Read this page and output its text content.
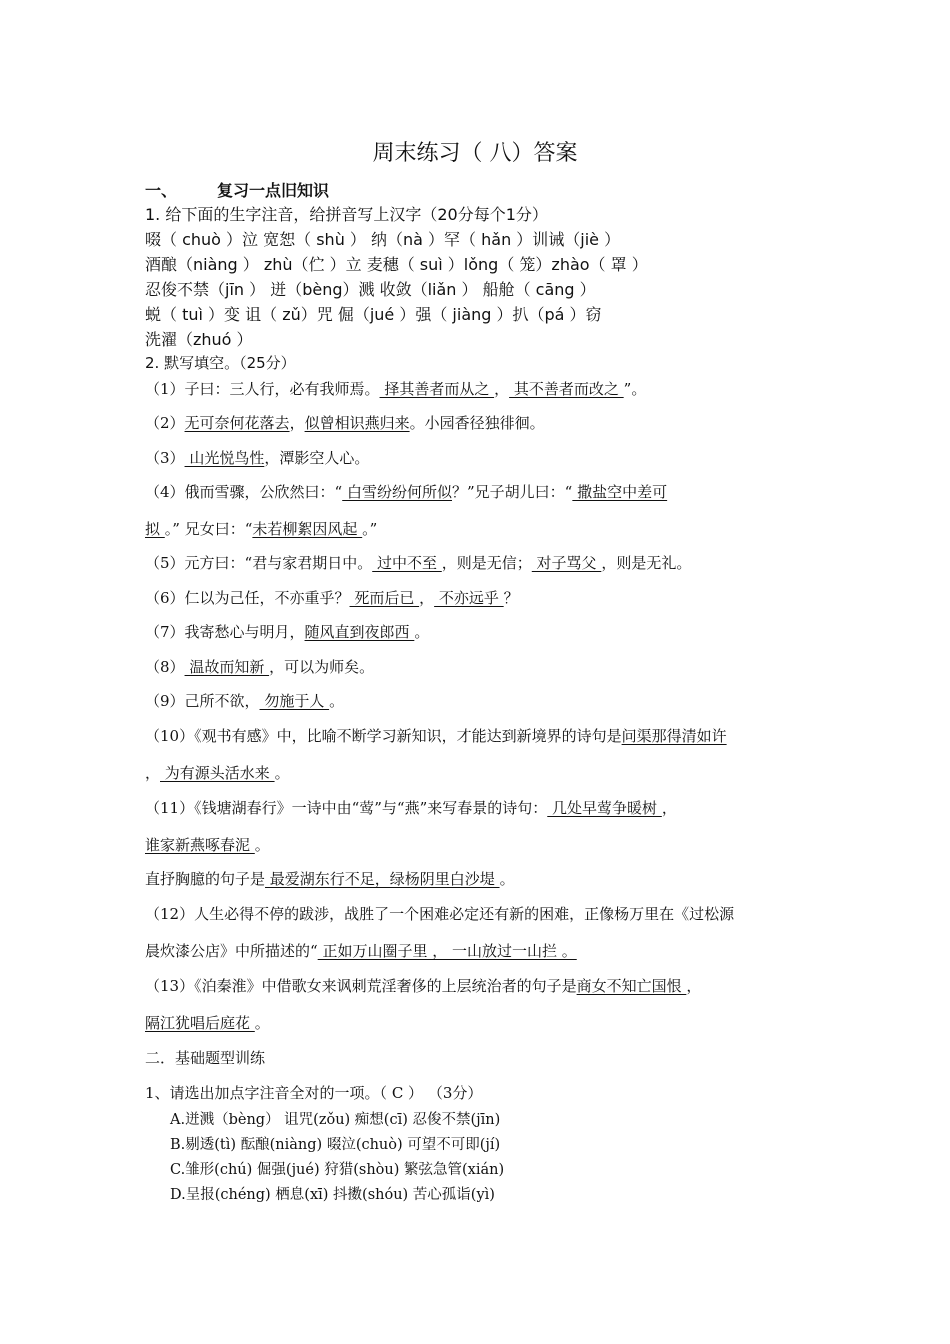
周末练习（ 八）答案
一、	复习一点旧知识
1. 给下面的生字注音，给拼音写上汉字（20分每个1分）
啜（ chuò ）泣 宽恕（ shù ） 纳（nà ）罕（ hǎn ）训诫（jiè ）
酒酿（niàng ） zhù（伫 ）立 麦穗（ suì ）lǒng（ 笼）zhào（ 罩 ）
忍俊不禁（jīn ） 迸（bèng）溅 收敛（liǎn ） 船舱（ cāng ）
蜕（ tuì ）变 诅（ zǔ）咒 倔（jué ）强（ jiàng ）扒（pá ）窃
洗濯（zhuó ）
2. 默写填空。（25分）
（1）子曰：三人行，必有我师焉。 择其善者而从之 ， 其不善者而改之 ”。
（2）无可奈何花落去，似曾相识燕归来。小园香径独徘徊。
（3） 山光悦鸟性，潭影空人心。
（4）俄而雪骤，公欣然曰：“ 白雪纷纷何所似？”兄子胡儿曰：“ 撒盐空中差可
拟 。” 兄女曰：“未若柳絮因风起 。”
（5）元方曰：“君与家君期日中。 过中不至 ，则是无信； 对子骂父 ，则是无礼。
（6）仁以为己任，不亦重乎？ 死而后已 ， 不亦远乎 ？
（7）我寄愁心与明月，随风直到夜郎西 。
（8） 温故而知新 ，可以为师矣。
（9）己所不欲， 勿施于人 。
（10）《观书有感》中，比喻不断学习新知识，才能达到新境界的诗句是问渠那得清如许
， 为有源头活水来 。
（11）《钱塘湖春行》一诗中由“莺”与“燕”来写春景的诗句： 几处早莺争暖树 ，
谁家新燕啄春泥 。
直抒胸臆的句子是 最爱湖东行不足，绿杨阴里白沙堤 。
（12）人生必得不停的跋涉，战胜了一个困难必定还有新的困难，正像杨万里在《过松源
晨炊漆公店》中所描述的“ 正如万山圈子里 ， 一山放过一山拦 。
（13）《泊秦淮》中借歌女来讽刺荒淫奢侈的上层统治者的句子是商女不知亡国恨 ，
隔江犹唱后庭花 。
二．基础题型训练
1、请选出加点字注音全对的一项。（ C ） （3分）
A.迸溅（bèng） 诅咒(zǒu) 痴想(cī) 忍俊不禁(jīn)
B.剔透(tì) 酝酿(niàng) 啜泣(chuò) 可望不可即(jí)
C.雏形(chú) 倔强(jué) 狩猎(shòu) 繁弦急管(xián)
D.呈报(chéng) 栖息(xī) 抖擞(shóu) 苦心孤诣(yì)
